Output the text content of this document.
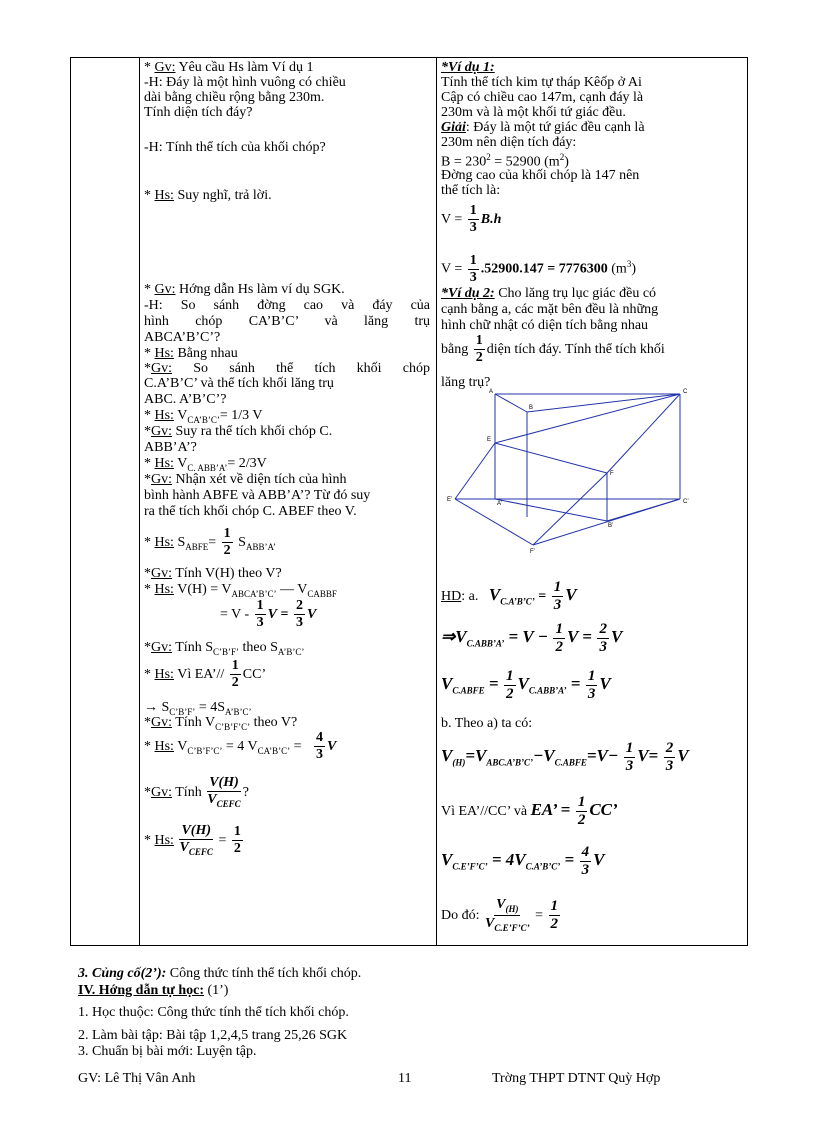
* Gv: Yêu cầu Hs làm Ví dụ 1
-H: Đáy là một hình vuông có chiều
dài bằng chiều rộng bằng 230m.
Tính diện tích đáy?
-H: Tính thể tích của khối chóp?
* Hs: Suy nghĩ, trả lời.
* Gv: Hớng dẫn Hs làm ví dụ SGK.
-H: So sánh đờng cao và đáy của
hình chóp CA’B’C’ và lăng trụ
ABCA’B’C’?
* Hs: Bằng nhau
*Gv: So sánh thể tích khối chóp
C.A’B’C’ và thể tích khối lăng trụ
ABC. A’B’C’?
* Hs: $V_{CA’B’C’}= 1/3$ V
*Gv: Suy ra thể tích khối chóp C.
ABB’A’?
* Hs: $V_{C. ABB’A’}= 2/3V$
*Gv: Nhận xét về diện tích của hình
bình hành ABFE và ABB’A’? Từ đó suy
ra thể tích khối chóp C. ABEF theo V.
* Hs: $S_{ABFE}= \frac{1}{2} S_{ABB’A’}$
*Gv: Tính V(H) theo V?
* Hs: $V(H) = V_{ABCA’B’C’}$ — $V_{CABBF}$
= V - $\frac{1}{3}$ $V = \frac{2}{3}$ V
*Gv: Tính $S_{C’B’F’}$ theo $S_{A’B’C’}$
* Hs: Vì EA’// $\frac{1}{2}$ CC’
→ $S_{C’B’F’} = 4S_{A’B’C’}$
*Gv: Tính $V_{C’B’F’C’}$ theo V?
* Hs: $V_{C’B’F’C’} = 4$ $V_{CA’B’C’} = \frac{4}{3}$ V
*Gv: Tính $\frac{V(H)}{V_{CEFC}}$ ?
* Hs: $\frac{V(H)}{V_{CEFC}} = \frac{1}{2}$
*Ví dụ 1:
Tính thể tích kim tự tháp Kêốp ở Ai
Cập có chiều cao 147m, cạnh đáy là
230m và là một khối tứ giác đều.
Giải: Đáy là một tứ giác đều cạnh là
230m nên diện tích đáy:
$B = 230^2 = 52900$ $(m^2)$
Đờng cao của khối chóp là 147 nên
thể tích là:
$V = \frac{1}{3} B.h$
$V = \frac{1}{3} .52900.147 = 7776300$ $(m^3)$
*Ví dụ 2: Cho lăng trụ lục giác đều có
cạnh bằng a, các mặt bên đều là những
hình chữ nhật có diện tích bằng nhau
bằng $\frac{1}{2}$ diện tích đáy. Tính thể tích khối
lăng trụ?
A
B
C
E
F
E’
A’	C’
B’
F’
HD: a. $V_{C.A’B’C’} = \frac{1}{3}$ V
$\Rightarrow V_{C.ABB’A’} = V - \frac{1}{2}$ $V = \frac{2}{3}$ V
$V_{C.ABFE} = \frac{1}{2} V_{C.ABB’A’} = \frac{1}{3}$ V
b. Theo a) ta có:
$V_{(H)}=V_{ABC.A’B’C’}-V_{C.ABFE}=V- \frac{1}{3} V= \frac{2}{3}$ V
Vì EA’//CC’ và EA’ = $\frac{1}{2}$ CC’
$V_{C.E’F’C’} = 4V_{C.A’B’C’} = \frac{4}{3}$ V
Do đó: $\frac{V_{(H)}}{V_{C.E’F’C’}} = \frac{1}{2}$
3. Củng cố(2’): Công thức tính thể tích khối chóp.
IV. Hớng dẫn tự học: (1’)
1. Học thuộc: Công thức tính thể tích khối chóp.
2. Làm bài tập: Bài tập 1,2,4,5 trang 25,26 SGK
3. Chuẩn bị bài mới: Luyện tập.
GV: Lê Thị Vân Anh	11	Trờng THPT DTNT Quỳ Hợp
